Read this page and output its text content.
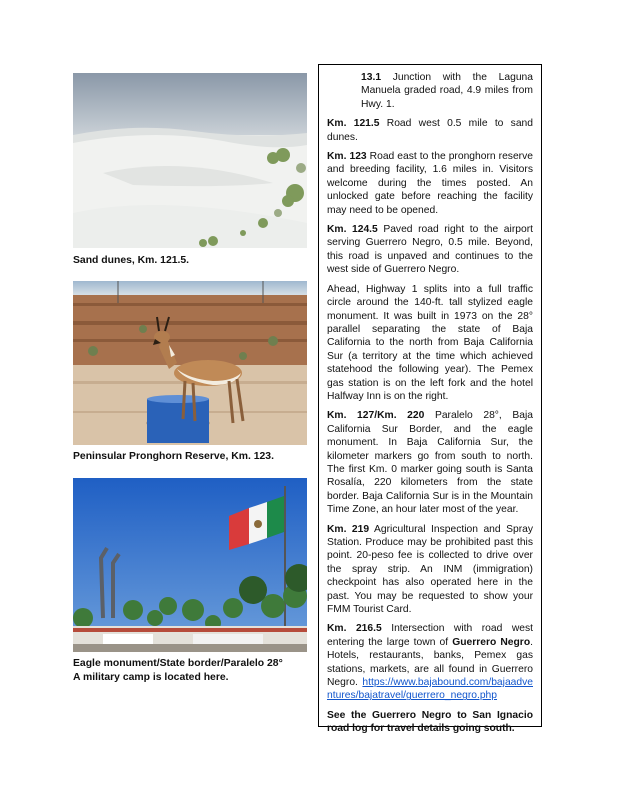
Sand dunes, Km. 121.5.
Peninsular Pronghorn Reserve, Km. 123.
Eagle monument/State border/Paralelo 28°
A military camp is located here.

13.1 Junction with the Laguna Manuela graded road, 4.9 miles from Hwy. 1.

Km. 121.5 Road west 0.5 mile to sand dunes.

Km. 123 Road east to the pronghorn reserve and breeding facility, 1.6 miles in. Visitors welcome during the times posted. An unlocked gate before reaching the facility may need to be opened.

Km. 124.5 Paved road right to the airport serving Guerrero Negro, 0.5 mile. Beyond, this road is unpaved and continues to the west side of Guerrero Negro.

Ahead, Highway 1 splits into a full traffic circle around the 140-ft. tall stylized eagle monument. It was built in 1973 on the 28° parallel separating the state of Baja California to the north from Baja California Sur (a territory at the time which achieved statehood the following year). The Pemex gas station is on the left fork and the hotel Halfway Inn is on the right.

Km. 127/Km. 220 Paralelo 28°, Baja California Sur Border, and the eagle monument. In Baja California Sur, the kilometer markers go from south to north. The first Km. 0 marker going south is Santa Rosalía, 220 kilometers from the state border. Baja California Sur is in the Mountain Time Zone, an hour later most of the year.

Km. 219 Agricultural Inspection and Spray Station. Produce may be prohibited past this point. 20-peso fee is collected to drive over the spray strip. An INM (immigration) checkpoint has also operated here in the past. You may be requested to show your FMM Tourist Card.

Km. 216.5 Intersection with road west entering the large town of Guerrero Negro. Hotels, restaurants, banks, Pemex gas stations, markets, are all found in Guerrero Negro. https://www.bajabound.com/bajaadventures/bajatravel/guerrero_negro.php

See the Guerrero Negro to San Ignacio road log for travel details going south.
